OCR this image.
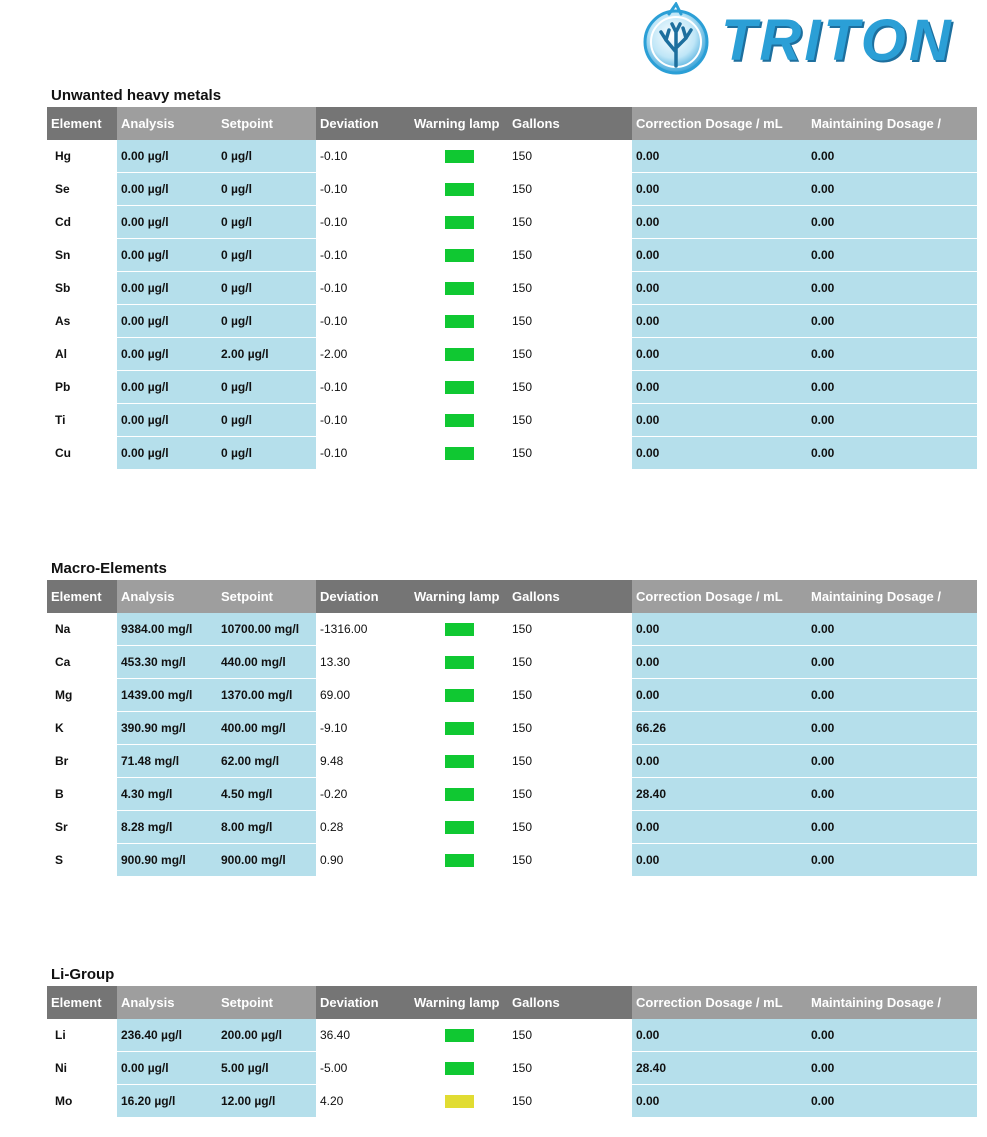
TRITON
Unwanted heavy metals
Element	Analysis	Setpoint	Deviation	Warning lamp	Gallons	Correction Dosage / mL	Maintaining Dosage /
Hg	0.00 µg/l	0 µg/l	-0.10		150	0.00	0.00
Se	0.00 µg/l	0 µg/l	-0.10		150	0.00	0.00
Cd	0.00 µg/l	0 µg/l	-0.10		150	0.00	0.00
Sn	0.00 µg/l	0 µg/l	-0.10		150	0.00	0.00
Sb	0.00 µg/l	0 µg/l	-0.10		150	0.00	0.00
As	0.00 µg/l	0 µg/l	-0.10		150	0.00	0.00
Al	0.00 µg/l	2.00 µg/l	-2.00		150	0.00	0.00
Pb	0.00 µg/l	0 µg/l	-0.10		150	0.00	0.00
Ti	0.00 µg/l	0 µg/l	-0.10		150	0.00	0.00
Cu	0.00 µg/l	0 µg/l	-0.10		150	0.00	0.00
Macro-Elements
Element	Analysis	Setpoint	Deviation	Warning lamp	Gallons	Correction Dosage / mL	Maintaining Dosage /
Na	9384.00 mg/l	10700.00 mg/l	-1316.00		150	0.00	0.00
Ca	453.30 mg/l	440.00 mg/l	13.30		150	0.00	0.00
Mg	1439.00 mg/l	1370.00 mg/l	69.00		150	0.00	0.00
K	390.90 mg/l	400.00 mg/l	-9.10		150	66.26	0.00
Br	71.48 mg/l	62.00 mg/l	9.48		150	0.00	0.00
B	4.30 mg/l	4.50 mg/l	-0.20		150	28.40	0.00
Sr	8.28 mg/l	8.00 mg/l	0.28		150	0.00	0.00
S	900.90 mg/l	900.00 mg/l	0.90		150	0.00	0.00
Li-Group
Element	Analysis	Setpoint	Deviation	Warning lamp	Gallons	Correction Dosage / mL	Maintaining Dosage /
Li	236.40 µg/l	200.00 µg/l	36.40		150	0.00	0.00
Ni	0.00 µg/l	5.00 µg/l	-5.00		150	28.40	0.00
Mo	16.20 µg/l	12.00 µg/l	4.20		150	0.00	0.00
